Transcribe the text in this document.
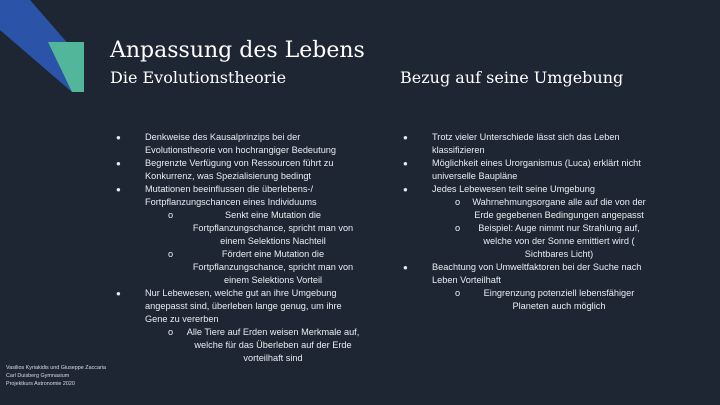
Anpassung des Lebens
Die Evolutionstheorie	Bezug auf seine Umgebung
● Denkweise des Kausalprinzips bei der Evolutionstheorie von hochrangiger Bedeutung
● Begrenzte Verfügung von Ressourcen führt zu Konkurrenz, was Spezialisierung bedingt
● Mutationen beeinflussen die überlebens-/ Fortpflanzungschancen eines Individuums
o Senkt eine Mutation die Fortpflanzungschance, spricht man von einem Selektions Nachteil
o Fördert eine Mutation die Fortpflanzungschance, spricht man von einem Selektions Vorteil
● Nur Lebewesen, welche gut an ihre Umgebung angepasst sind, überleben lange genug, um ihre Gene zu vererben
o Alle Tiere auf Erden weisen Merkmale auf, welche für das Überleben auf der Erde vorteilhaft sind
● Trotz vieler Unterschiede lässt sich das Leben klassifizieren
● Möglichkeit eines Urorganismus (Luca) erklärt nicht universelle Baupläne
● Jedes Lebewesen teilt seine Umgebung
o Wahrnehmungsorgane alle auf die von der Erde gegebenen Bedingungen angepasst
o Beispiel: Auge nimmt nur Strahlung auf, welche von der Sonne emittiert wird ( Sichtbares Licht)
● Beachtung von Umweltfaktoren bei der Suche nach Leben Vorteilhaft
o Eingrenzung potenziell lebensfähiger Planeten auch möglich
Vasilios Kyriakidis und Giuseppe Zaccaria
Carl Duisberg Gymnasium
Projektkurs Astronomie 2020
